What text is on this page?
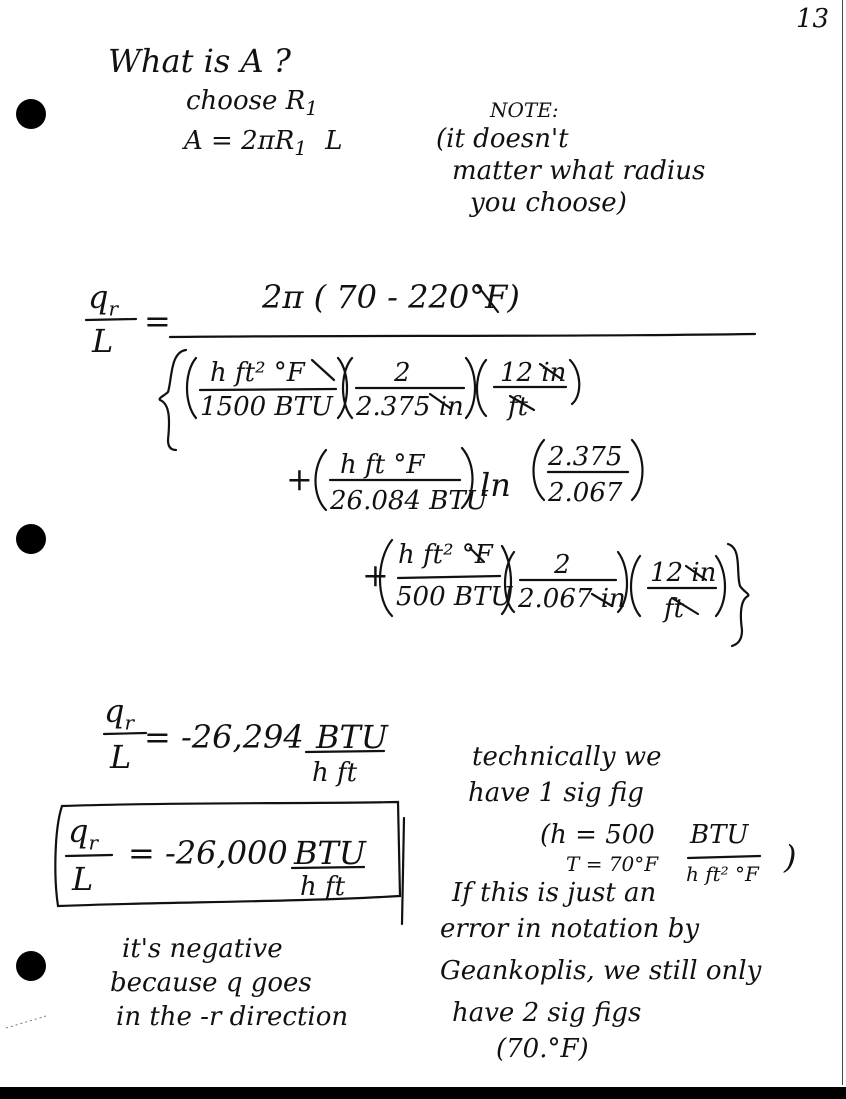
13
What is A ?
choose $R_1$
$A = 2\pi R_1$ L
NOTE:
(it doesn't
matter what radius
you choose)
$q_r$
L
=
2π ( 70 - 220°F)
h ft² °F
1500 BTU
2
2.375 in
12 in
ft
+ h ft °F
26.084 BTU
ln
2.375
2.067
+
h ft² °F
500 BTU
2
2.067 in
12 in
ft
$q_r$
L
= -26,294 BTU
h ft
$q_r$
L
= -26,000 BTU
h ft
it's negative
because q goes
in the -r direction
technically we
have 1 sig fig
(h = 500 BTU
h ft² °F )
T = 70°F
If this is just an
error in notation by
Geankoplis, we still only
have 2 sig figs
(70.°F)
